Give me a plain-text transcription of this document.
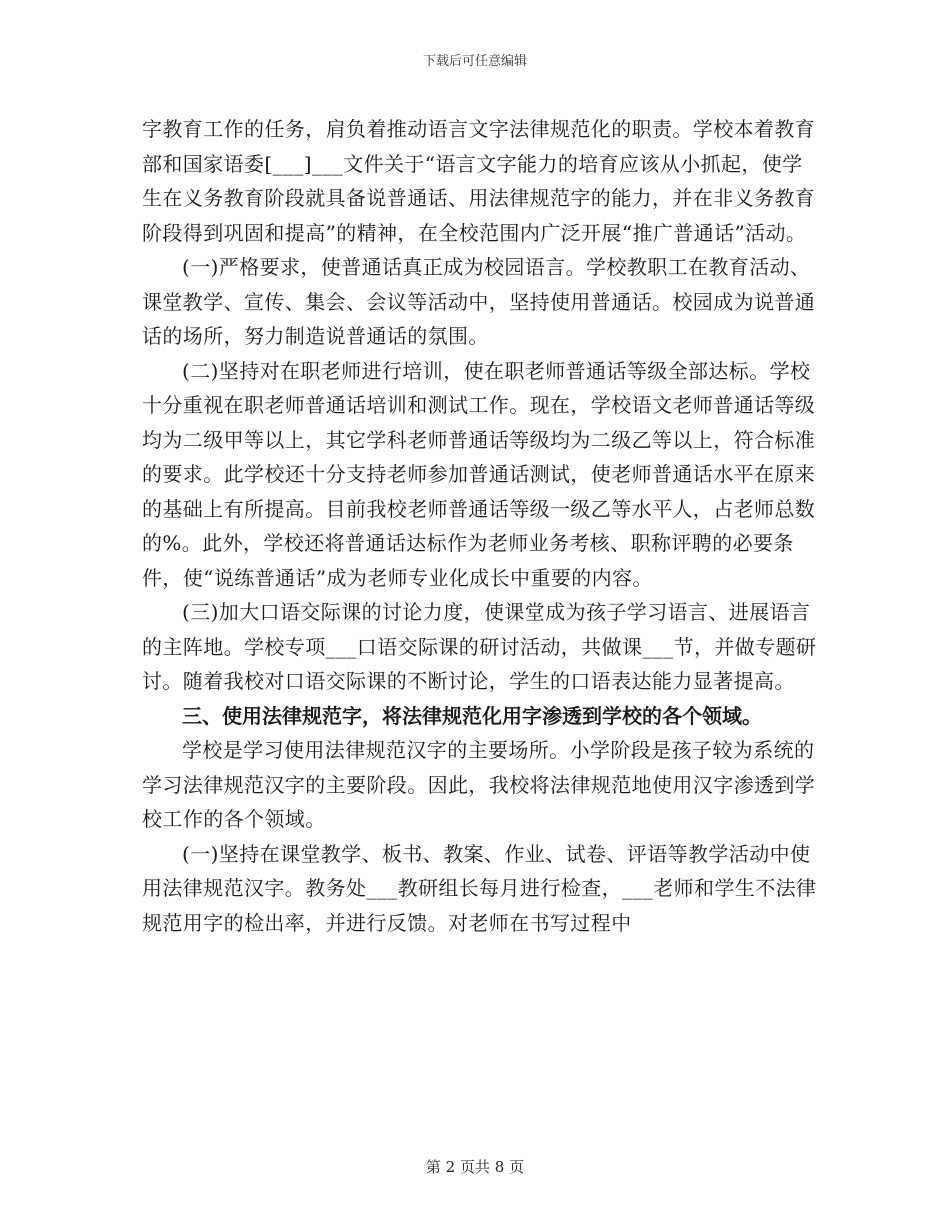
下载后可任意编辑

字教育工作的任务，肩负着推动语言文字法律规范化的职责。学校本着教育部和国家语委[___]___文件关于“语言文字能力的培育应该从小抓起，使学生在义务教育阶段就具备说普通话、用法律规范字的能力，并在非义务教育阶段得到巩固和提高”的精神，在全校范围内广泛开展“推广普通话”活动。

(一)严格要求，使普通话真正成为校园语言。学校教职工在教育活动、课堂教学、宣传、集会、会议等活动中，坚持使用普通话。校园成为说普通话的场所，努力制造说普通话的氛围。

(二)坚持对在职老师进行培训，使在职老师普通话等级全部达标。学校十分重视在职老师普通话培训和测试工作。现在，学校语文老师普通话等级均为二级甲等以上，其它学科老师普通话等级均为二级乙等以上，符合标准的要求。此学校还十分支持老师参加普通话测试，使老师普通话水平在原来的基础上有所提高。目前我校老师普通话等级一级乙等水平人，占老师总数的%。此外，学校还将普通话达标作为老师业务考核、职称评聘的必要条件，使“说练普通话”成为老师专业化成长中重要的内容。

(三)加大口语交际课的讨论力度，使课堂成为孩子学习语言、进展语言的主阵地。学校专项___口语交际课的研讨活动，共做课___节，并做专题研讨。随着我校对口语交际课的不断讨论，学生的口语表达能力显著提高。

三、使用法律规范字，将法律规范化用字渗透到学校的各个领域。

学校是学习使用法律规范汉字的主要场所。小学阶段是孩子较为系统的学习法律规范汉字的主要阶段。因此，我校将法律规范地使用汉字渗透到学校工作的各个领域。

(一)坚持在课堂教学、板书、教案、作业、试卷、评语等教学活动中使用法律规范汉字。教务处___教研组长每月进行检查，___老师和学生不法律规范用字的检出率，并进行反馈。对老师在书写过程中

第 2 页共 8 页
